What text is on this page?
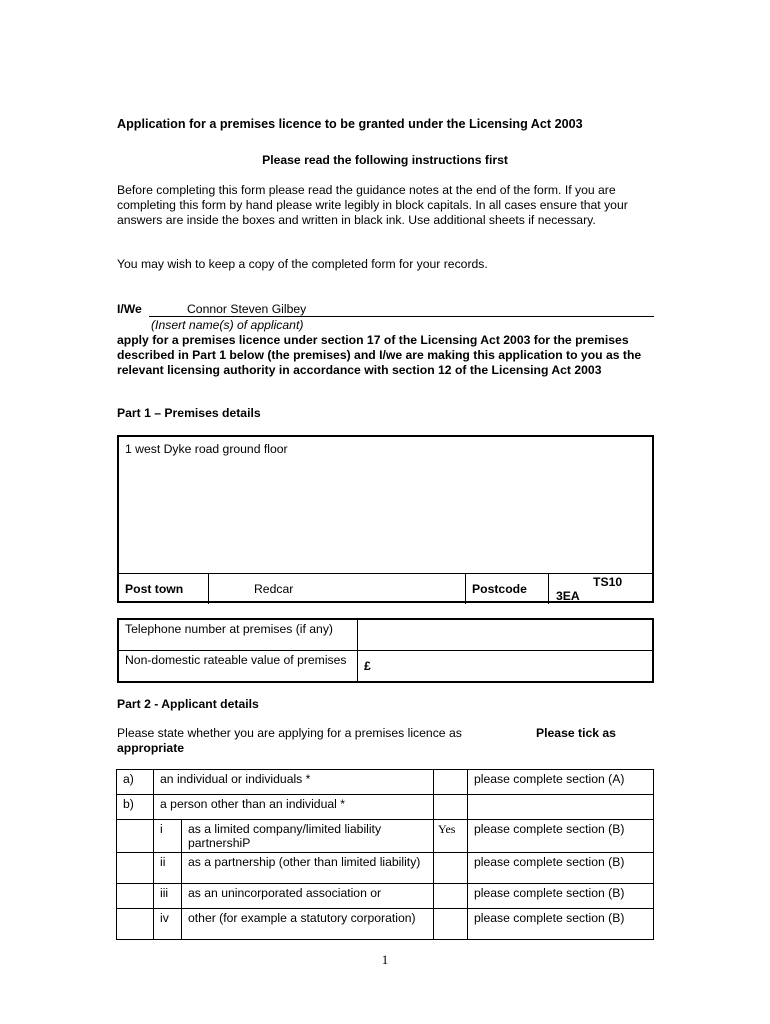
Application for a premises licence to be granted under the Licensing Act 2003
Please read the following instructions first
Before completing this form please read the guidance notes at the end of the form. If you are completing this form by hand please write legibly in block capitals. In all cases ensure that your answers are inside the boxes and written in black ink. Use additional sheets if necessary.
You may wish to keep a copy of the completed form for your records.
I/We	Connor Steven Gilbey
(Insert name(s) of applicant)
apply for a premises licence under section 17 of the Licensing Act 2003 for the premises described in Part 1 below (the premises) and I/we are making this application to you as the relevant licensing authority in accordance with section 12 of the Licensing Act 2003
Part 1 – Premises details
1 west Dyke road ground floor
Post town	Redcar	Postcode	TS10
3EA
Telephone number at premises (if any)	
Non-domestic rateable value of premises	£
Part 2 - Applicant details
Please state whether you are applying for a premises licence as	Please tick as
appropriate
a)	an individual or individuals *			please complete section (A)
b)	a person other than an individual *			
	i	as a limited company/limited liability partnershiP	Yes	please complete section (B)
	ii	as a partnership (other than limited liability)		please complete section (B)
	iii	as an unincorporated association or		please complete section (B)
	iv	other (for example a statutory corporation)		please complete section (B)
1
